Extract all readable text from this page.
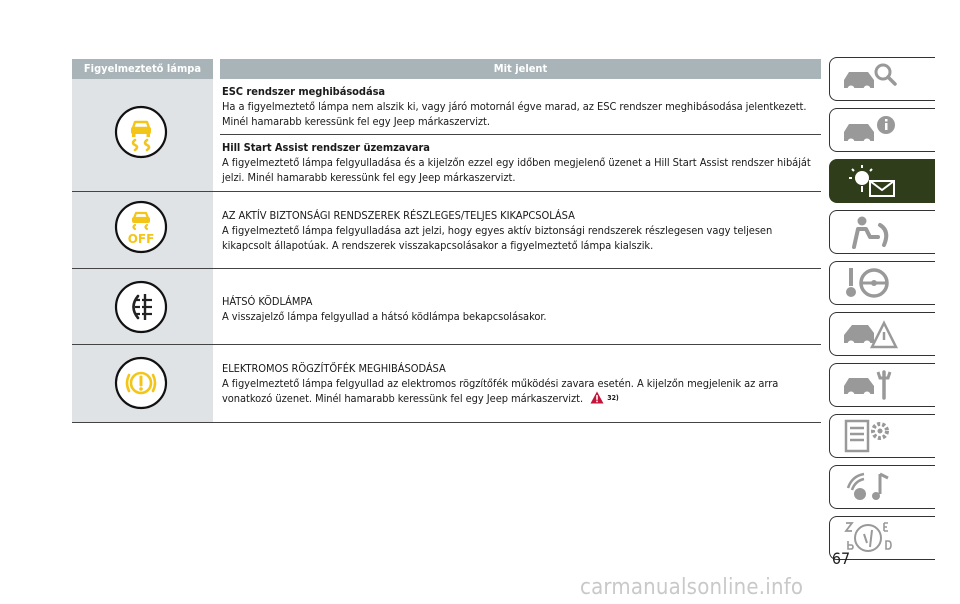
Figyelmeztető lámpa	Mit jelent
ESC rendszer meghibásodása
Ha a figyelmeztető lámpa nem alszik ki, vagy járó motornál égve marad, az ESC rendszer meghibásodása jelentkezett. Minél hamarabb keressünk fel egy Jeep márkaszervizt.
Hill Start Assist rendszer üzemzavara
A figyelmeztető lámpa felgyulladása és a kijelzőn ezzel egy időben megjelenő üzenet a Hill Start Assist rendszer hibáját jelzi. Minél hamarabb keressünk fel egy Jeep márkaszervizt.
OFF
AZ AKTÍV BIZTONSÁGI RENDSZEREK RÉSZLEGES/TELJES KIKAPCSOLÁSA
A figyelmeztető lámpa felgyulladása azt jelzi, hogy egyes aktív biztonsági rendszerek részlegesen vagy teljesen kikapcsolt állapotúak. A rendszerek visszakapcsolásakor a figyelmeztető lámpa kialszik.
HÁTSÓ KÖDLÁMPA
A visszajelző lámpa felgyullad a hátsó ködlámpa bekapcsolásakor.
ELEKTROMOS RÖGZÍTŐFÉK MEGHIBÁSODÁSA
A figyelmeztető lámpa felgyullad az elektromos rögzítőfék működési zavara esetén. A kijelzőn megjelenik az arra vonatkozó üzenet. Minél hamarabb keressünk fel egy Jeep márkaszervizt.	$^{32)}$
67
carmanualsonline.info
